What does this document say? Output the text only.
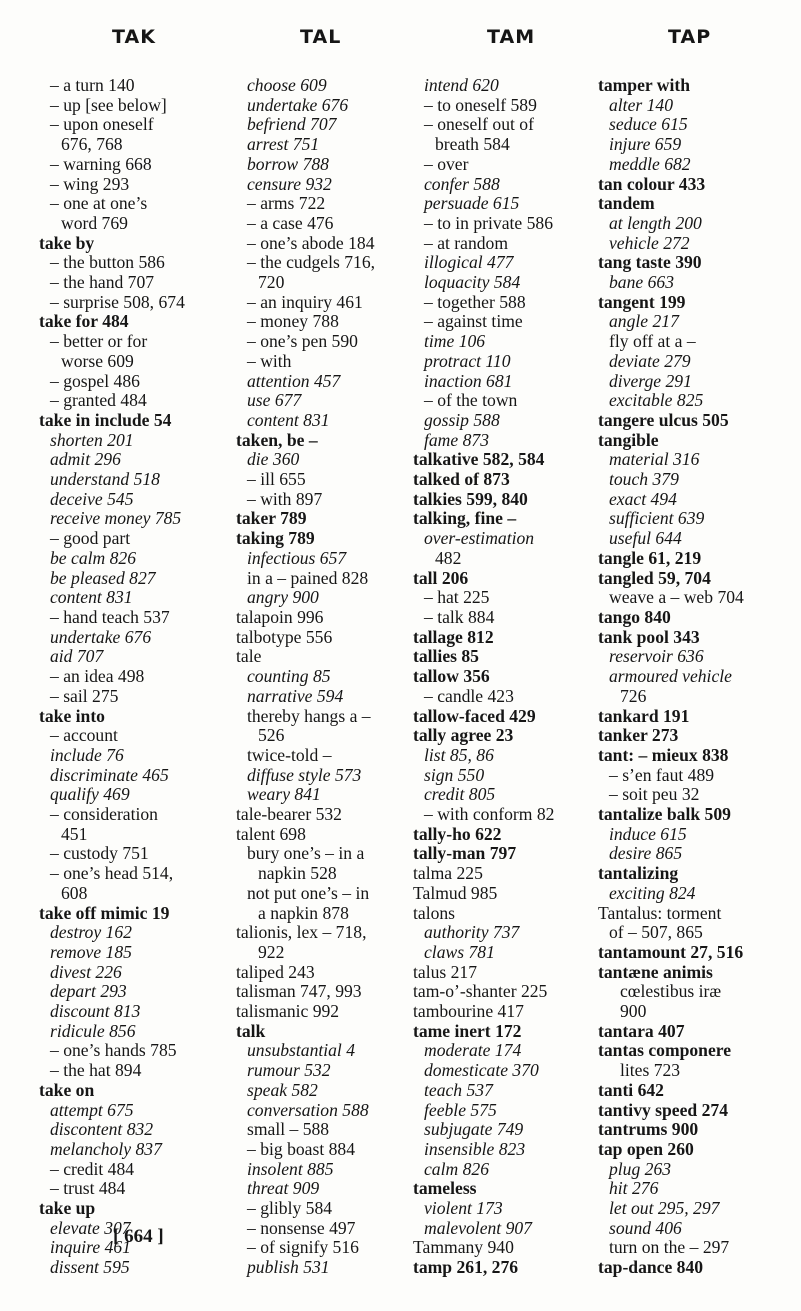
TAK	TAL	TAM	TAP
– a turn 140
– up [see below]
– upon oneself
676, 768
– warning 668
– wing 293
– one at one’s
word 769
take by
– the button 586
– the hand 707
– surprise 508, 674
take for 484
– better or for
worse 609
– gospel 486
– granted 484
take in include 54
shorten 201
admit 296
understand 518
deceive 545
receive money 785
– good part
be calm 826
be pleased 827
content 831
– hand teach 537
undertake 676
aid 707
– an idea 498
– sail 275
take into
– account
include 76
discriminate 465
qualify 469
– consideration
451
– custody 751
– one’s head 514,
608
take off mimic 19
destroy 162
remove 185
divest 226
depart 293
discount 813
ridicule 856
– one’s hands 785
– the hat 894
take on
attempt 675
discontent 832
melancholy 837
– credit 484
– trust 484
take up
elevate 307
inquire 461
dissent 595
choose 609
undertake 676
befriend 707
arrest 751
borrow 788
censure 932
– arms 722
– a case 476
– one’s abode 184
– the cudgels 716,
720
– an inquiry 461
– money 788
– one’s pen 590
– with
attention 457
use 677
content 831
taken, be –
die 360
– ill 655
– with 897
taker 789
taking 789
infectious 657
in a – pained 828
angry 900
talapoin 996
talbotype 556
tale
counting 85
narrative 594
thereby hangs a –
526
twice-told –
diffuse style 573
weary 841
tale-bearer 532
talent 698
bury one’s – in a
napkin 528
not put one’s – in
a napkin 878
talionis, lex – 718,
922
taliped 243
talisman 747, 993
talismanic 992
talk
unsubstantial 4
rumour 532
speak 582
conversation 588
small – 588
– big boast 884
insolent 885
threat 909
– glibly 584
– nonsense 497
– of signify 516
publish 531
intend 620
– to oneself 589
– oneself out of
breath 584
– over
confer 588
persuade 615
– to in private 586
– at random
illogical 477
loquacity 584
– together 588
– against time
time 106
protract 110
inaction 681
– of the town
gossip 588
fame 873
talkative 582, 584
talked of 873
talkies 599, 840
talking, fine –
over-estimation
482
tall 206
– hat 225
– talk 884
tallage 812
tallies 85
tallow 356
– candle 423
tallow-faced 429
tally agree 23
list 85, 86
sign 550
credit 805
– with conform 82
tally-ho 622
tally-man 797
talma 225
Talmud 985
talons
authority 737
claws 781
talus 217
tam-o’-shanter 225
tambourine 417
tame inert 172
moderate 174
domesticate 370
teach 537
feeble 575
subjugate 749
insensible 823
calm 826
tameless
violent 173
malevolent 907
Tammany 940
tamp 261, 276
tamper with
alter 140
seduce 615
injure 659
meddle 682
tan colour 433
tandem
at length 200
vehicle 272
tang taste 390
bane 663
tangent 199
angle 217
fly off at a –
deviate 279
diverge 291
excitable 825
tangere ulcus 505
tangible
material 316
touch 379
exact 494
sufficient 639
useful 644
tangle 61, 219
tangled 59, 704
weave a – web 704
tango 840
tank pool 343
reservoir 636
armoured vehicle
726
tankard 191
tanker 273
tant: – mieux 838
– s’en faut 489
– soit peu 32
tantalize balk 509
induce 615
desire 865
tantalizing
exciting 824
Tantalus: torment
of – 507, 865
tantamount 27, 516
tantæne animis
cœlestibus iræ
900
tantara 407
tantas componere
lites 723
tanti 642
tantivy speed 274
tantrums 900
tap open 260
plug 263
hit 276
let out 295, 297
sound 406
turn on the – 297
tap-dance 840
[ 664 ]
